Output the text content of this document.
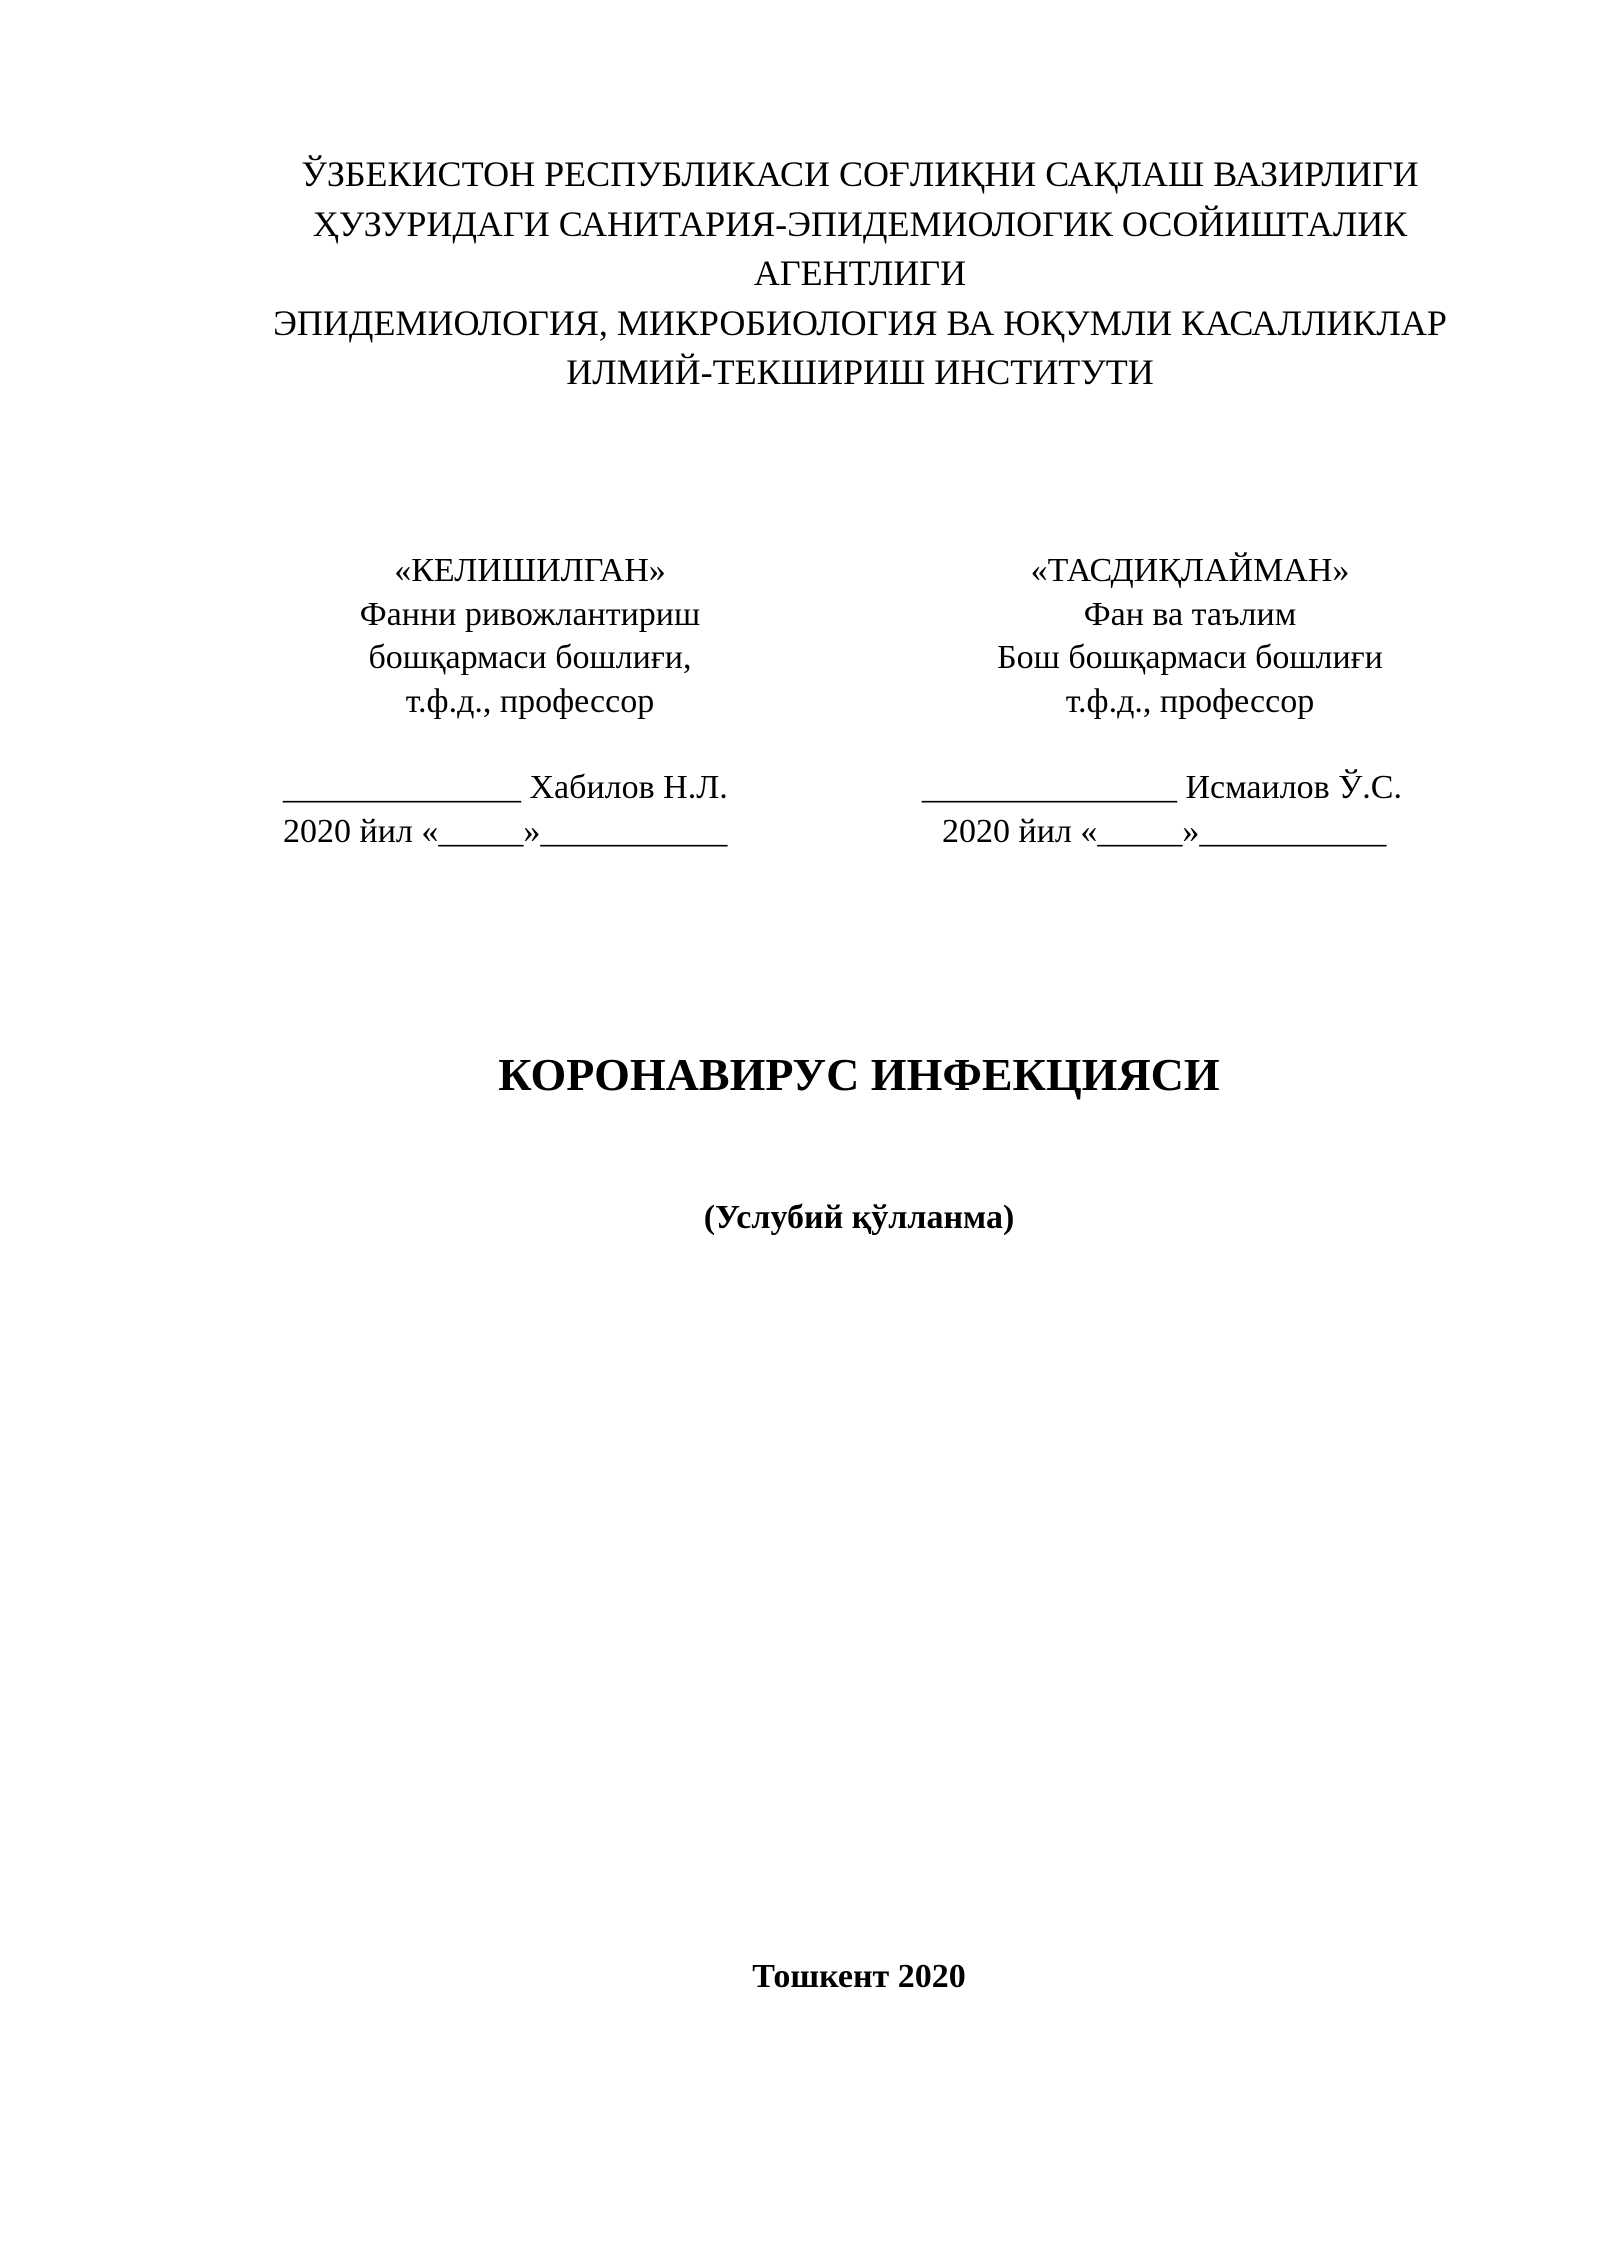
ЎЗБЕКИСТОН РЕСПУБЛИКАСИ СОҒЛИҚНИ САҚЛАШ ВАЗИРЛИГИ
ҲУЗУРИДАГИ САНИТАРИЯ-ЭПИДЕМИОЛОГИК ОСОЙИШТАЛИК
АГЕНТЛИГИ
ЭПИДЕМИОЛОГИЯ, МИКРОБИОЛОГИЯ ВА ЮҚУМЛИ КАСАЛЛИКЛАР
ИЛМИЙ-ТЕКШИРИШ ИНСТИТУТИ
«КЕЛИШИЛГАН»
Фанни ривожлантириш
бошқармаси бошлиғи,
т.ф.д., профессор
«ТАСДИҚЛАЙМАН»
Фан ва таълим
Бош бошқармаси бошлиғи
т.ф.д., профессор
______________ Хабилов Н.Л.
2020 йил «_____»___________
_______________ Исмаилов Ў.С.
2020 йил «_____»___________
КОРОНАВИРУС ИНФЕКЦИЯСИ
(Услубий қўлланма)
Тошкент 2020
